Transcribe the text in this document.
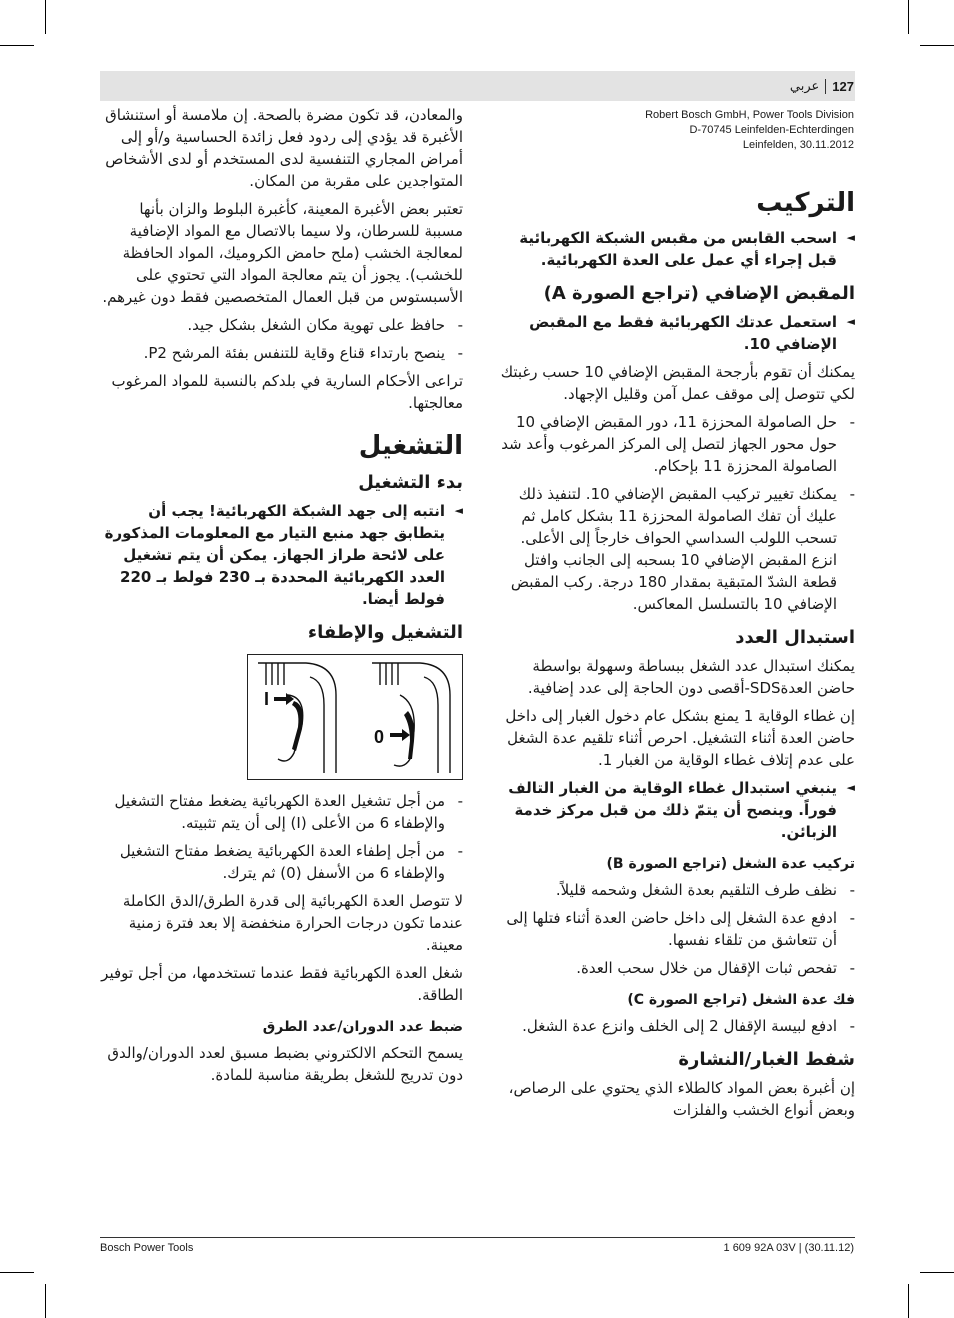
127
عربي
Robert Bosch GmbH, Power Tools Division
D-70745 Leinfelden-Echterdingen
Leinfelden, 30.11.2012
التركيب
◄
اسحب القابس من مقبس الشبكة الكهربائية قبل إجراء أي عمل على العدة الكهربائية.
المقبض الإضافي (تراجع الصورة A)
◄
استعمل عدتك الكهربائية فقط مع المقبض الإضافي 10.

يمكنك أن تقوم بأرجحة المقبض الإضافي 10 حسب رغبتك لكي تتوصل إلى موقف عمل آمن وقليل الإجهاد.

-
حل الصامولة المحززة 11، دور المقبض الإضافي 10 حول محور الجهاز لتصل إلى المركز المرغوب وأعد شد الصامولة المحززة 11 بإحكام.
-
يمكنك تغيير تركيب المقبض الإضافي 10. لتنفيذ ذلك عليك أن تفك الصامولة المحززة 11 بشكل كامل ثم تسحب اللولب السداسي الحواف خارجاً إلى الأعلى. انزع المقبض الإضافي 10 بسحبه إلى الجانب وافتل قطعة الشدّ المتبقية بمقدار 180 درجة. ركب المقبض الإضافي 10 بالتسلسل المعاكس.
استبدال العدد

يمكنك استبدال عدد الشغل ببساطة وسهولة بواسطة حاضن العدةSDS-أقصى دون الحاجة إلى عدد إضافية.

إن غطاء الوقاية 1 يمنع بشكل عام دخول الغبار إلى داخل حاضن العدة أثناء التشغيل. احرص أثناء تلقيم عدة الشغل على عدم إتلاف غطاء الوقاية من الغبار 1.

◄
ينبغي استبدال غطاء الوقاية من الغبار التالف فوراً. وينصح أن يتمّ ذلك من قبل مركز خدمة الزبائن.
تركيب عدة الشغل (تراجع الصورة B)
-
نظف طرف التلقيم بعدة الشغل وشحمه قليلاً.
-
ادفع عدة الشغل إلى داخل حاضن العدة أثناء فتلها إلى أن تتعاشق من تلقاء نفسها.
-
تفحص ثبات الإقفال من خلال سحب العدة.
فك عدة الشغل (تراجع الصورة C)
-
ادفع لبيسة الإقفال 2 إلى الخلف وانزع عدة الشغل.
شفط الغبار/النشارة

إن أغبرة بعض المواد كالطلاء الذي يحتوي على الرصاص، وبعض أنواع الخشب والفلزات

والمعادن، قد تكون مضرة بالصحة. إن ملامسة أو استنشاق الأغبرة قد يؤدي إلى ردود فعل زائدة الحساسية و/أو إلى أمراض المجاري التنفسية لدى المستخدم أو لدى الأشخاص المتواجدين على مقربة من المكان.

تعتبر بعض الأغبرة المعينة، كأغبرة البلوط والزان بأنها مسببة للسرطان، ولا سيما بالاتصال مع المواد الإضافية لمعالجة الخشب (ملح حامض الكروميك، المواد الحافظة للخشب). يجوز أن يتم معالجة المواد التي تحتوي على الأسبستوس من قبل العمال المتخصصين فقط دون غيرهم.

-
حافظ على تهوية مكان الشغل بشكل جيد.
-
ينصح بارتداء قناع وقاية للتنفس بفئة المرشح P2.

تراعى الأحكام السارية في بلدكم بالنسبة للمواد المرغوب معالجتها.

التشغيل
بدء التشغيل
◄
انتبه إلى جهد الشبكة الكهربائية! يجب أن يتطابق جهد منبع التيار مع المعلومات المذكورة على لائحة طراز الجهاز. يمكن أن يتم تشغيل العدد الكهربائية المحددة بـ 230 فولط بـ 220 فولط أيضا.
التشغيل والإطفاء
I
0
-
من أجل تشغيل العدة الكهربائية يضغط مفتاح التشغيل والإطفاء 6 من الأعلى (I) إلى أن يتم تثبيته.
-
من أجل إطفاء العدة الكهربائية يضغط مفتاح التشغيل والإطفاء 6 من الأسفل (0) ثم يترك.

لا تتوصل العدة الكهربائية إلى قدرة الطرق/الدق الكاملة عندما تكون درجات الحرارة منخفضة إلا بعد فترة زمنية معينة.

شغل العدة الكهربائية فقط عندما تستخدمها، من أجل توفير الطاقة.

ضبط عدد الدوران/عدد الطرق

يسمح التحكم الالكتروني بضبط مسبق لعدد الدوران/والدق دون تدريج للشغل بطريقة مناسبة للمادة.

Bosch Power Tools	1 609 92A 03V | (30.11.12)
